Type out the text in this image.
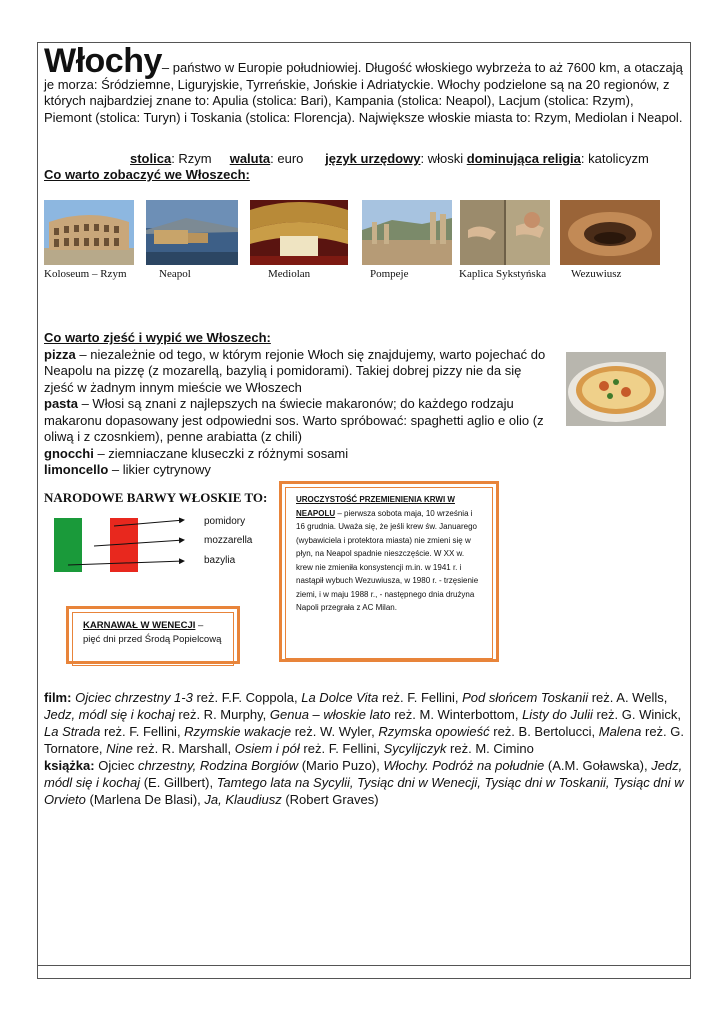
Włochy– państwo w Europie południowiej. Długość włoskiego wybrzeża to aż 7600 km, a otaczają je morza: Śródziemne, Liguryjskie, Tyrreńskie, Jońskie i Adriatyckie. Włochy podzielone są na 20 regionów, z których najbardziej znane to: Apulia (stolica: Bari), Kampania (stolica: Neapol), Lacjum (stolica: Rzym), Piemont (stolica: Turyn) i Toskania (stolica: Florencja). Największe włoskie miasta to: Rzym, Mediolan i Neapol.
stolica: Rzym waluta: euro język urzędowy: włoski dominująca religia: katolicyzm
Co warto zobaczyć we Włoszech:
Koloseum – Rzym	Neapol	Mediolan	Pompeje	Kaplica Sykstyńska Wezuwiusz

Co warto zjeść i wypić we Włoszech:

pizza – niezależnie od tego, w którym rejonie Włoch się znajdujemy, warto pojechać do Neapolu na pizzę (z mozarellą, bazylią i pomidorami). Takiej dobrej pizzy nie da się zjeść w żadnym innym mieście we Włoszech

pasta – Włosi są znani z najlepszych na świecie makaronów; do każdego rodzaju makaronu dopasowany jest odpowiedni sos. Warto spróbować: spaghetti aglio e olio (z oliwą i z czosnkiem), penne arabiatta (z chili)

gnocchi – ziemniaczane kluseczki z różnymi sosami

limoncello – likier cytrynowy

NARODOWE BARWY WŁOSKIE TO:
pomidory
mozzarella
bazylia
KARNAWAŁ W WENECJI – pięć dni przed Środą Popielcową
UROCZYSTOŚĆ PRZEMIENIENIA KRWI W NEAPOLU – pierwsza sobota maja, 10 września i 16 grudnia. Uważa się, że jeśli krew św. Januarego (wybawiciela i protektora miasta) nie zmieni się w płyn, na Neapol spadnie nieszczęście. W XX w. krew nie zmieniła konsystencji m.in. w 1941 r. i nastąpił wybuch Wezuwiusza, w 1980 r. - trzęsienie ziemi, i w maju 1988 r., - następnego dnia drużyna Napoli przegrała z AC Milan.

film: Ojciec chrzestny 1-3 reż. F.F. Coppola, La Dolce Vita reż. F. Fellini, Pod słońcem Toskanii reż. A. Wells, Jedz, módl się i kochaj reż. R. Murphy, Genua – włoskie lato reż. M. Winterbottom, Listy do Julii reż. G. Winick, La Strada reż. F. Fellini, Rzymskie wakacje reż. W. Wyler, Rzymska opowieść reż. B. Bertolucci, Malena reż. G. Tornatore, Nine reż. R. Marshall, Osiem i pół reż. F. Fellini, Sycylijczyk reż. M. Cimino

książka: Ojciec chrzestny, Rodzina Borgiów (Mario Puzo), Włochy. Podróż na południe (A.M. Goławska), Jedz, módl się i kochaj (E. Gillbert), Tamtego lata na Sycylii, Tysiąc dni w Wenecji, Tysiąc dni w Toskanii, Tysiąc dni w Orvieto (Marlena De Blasi), Ja, Klaudiusz (Robert Graves)
